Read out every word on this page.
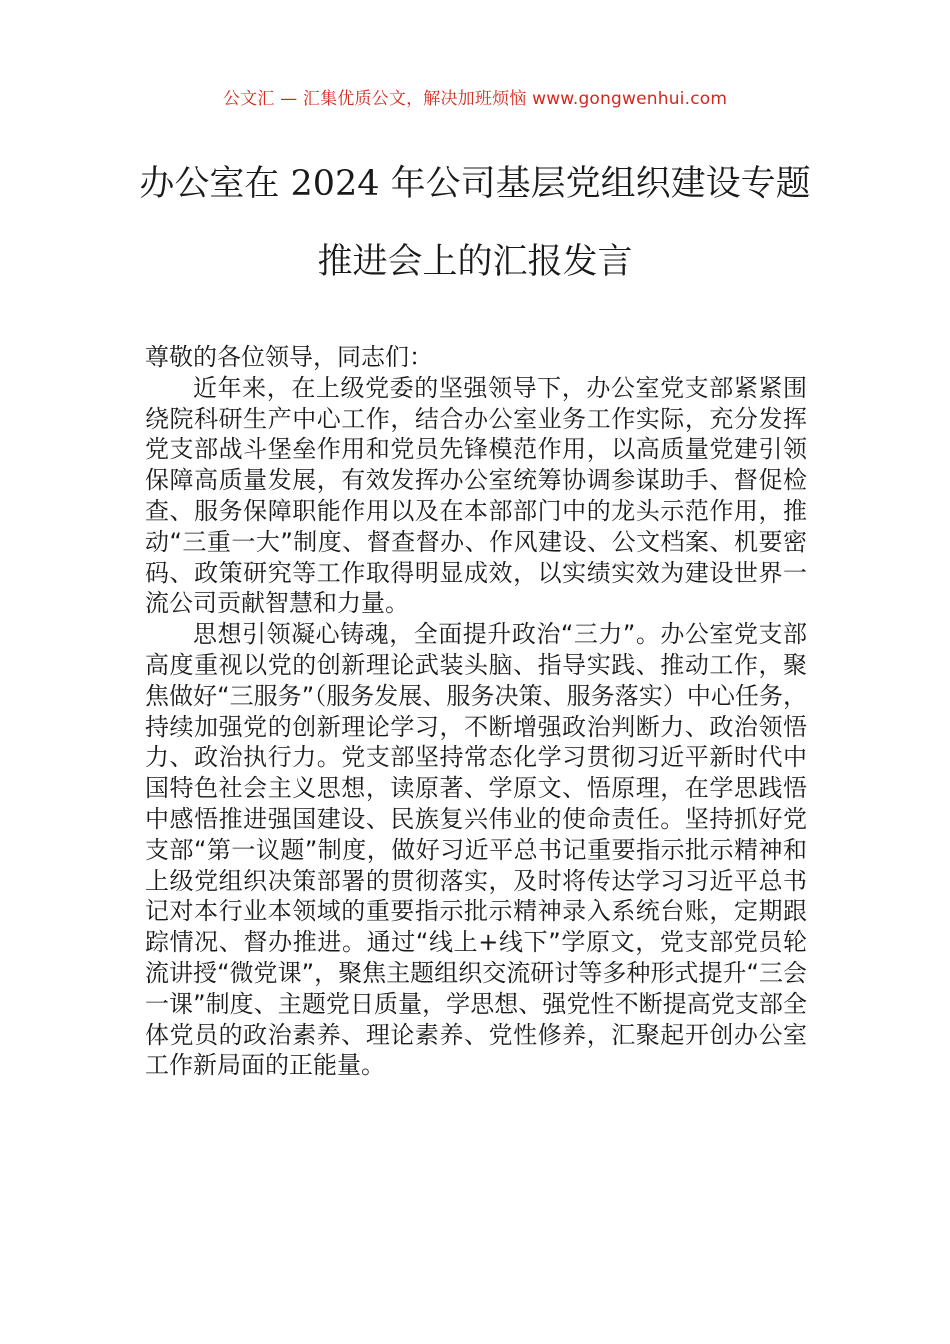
公文汇 — 汇集优质公文，解决加班烦恼 www.gongwenhui.com
办公室在 2024 年公司基层党组织建设专题
推进会上的汇报发言

尊敬的各位领导，同志们：

近年来，在上级党委的坚强领导下，办公室党支部紧紧围绕院科研生产中心工作，结合办公室业务工作实际，充分发挥党支部战斗堡垒作用和党员先锋模范作用，以高质量党建引领保障高质量发展，有效发挥办公室统筹协调参谋助手、督促检查、服务保障职能作用以及在本部部门中的龙头示范作用，推动“三重一大”制度、督查督办、作风建设、公文档案、机要密码、政策研究等工作取得明显成效，以实绩实效为建设世界一流公司贡献智慧和力量。

思想引领凝心铸魂，全面提升政治“三力”。办公室党支部高度重视以党的创新理论武装头脑、指导实践、推动工作，聚焦做好“三服务”（服务发展、服务决策、服务落实）中心任务，持续加强党的创新理论学习，不断增强政治判断力、政治领悟力、政治执行力。党支部坚持常态化学习贯彻习近平新时代中国特色社会主义思想，读原著、学原文、悟原理，在学思践悟中感悟推进强国建设、民族复兴伟业的使命责任。坚持抓好党支部“第一议题”制度，做好习近平总书记重要指示批示精神和上级党组织决策部署的贯彻落实，及时将传达学习习近平总书记对本行业本领域的重要指示批示精神录入系统台账，定期跟踪情况、督办推进。通过“线上+线下”学原文，党支部党员轮流讲授“微党课”，聚焦主题组织交流研讨等多种形式提升“三会一课”制度、主题党日质量，学思想、强党性不断提高党支部全体党员的政治素养、理论素养、党性修养，汇聚起开创办公室工作新局面的正能量。
